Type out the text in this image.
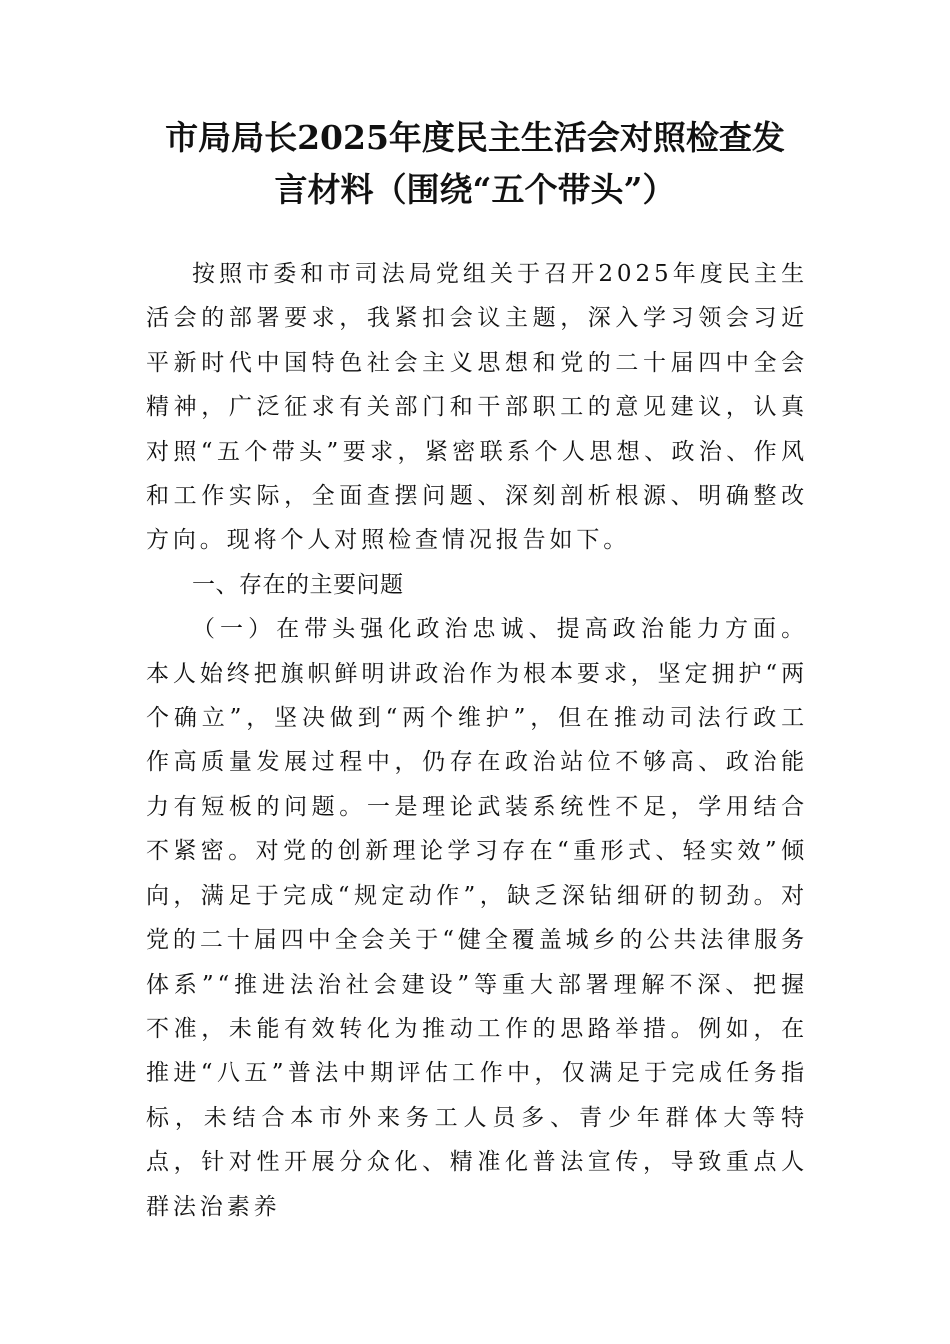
市局局长2025年度民主生活会对照检查发
言材料（围绕“五个带头”）

按照市委和市司法局党组关于召开2025年度民主生活会的部署要求，我紧扣会议主题，深入学习领会习近平新时代中国特色社会主义思想和党的二十届四中全会精神，广泛征求有关部门和干部职工的意见建议，认真对照“五个带头”要求，紧密联系个人思想、政治、作风和工作实际，全面查摆问题、深刻剖析根源、明确整改方向。现将个人对照检查情况报告如下。

一、存在的主要问题

（一）在带头强化政治忠诚、提高政治能力方面。本人始终把旗帜鲜明讲政治作为根本要求，坚定拥护“两个确立”，坚决做到“两个维护”，但在推动司法行政工作高质量发展过程中，仍存在政治站位不够高、政治能力有短板的问题。一是理论武装系统性不足，学用结合不紧密。对党的创新理论学习存在“重形式、轻实效”倾向，满足于完成“规定动作”，缺乏深钻细研的韧劲。对党的二十届四中全会关于“健全覆盖城乡的公共法律服务体系”“推进法治社会建设”等重大部署理解不深、把握不准，未能有效转化为推动工作的思路举措。例如，在推进“八五”普法中期评估工作中，仅满足于完成任务指标，未结合本市外来务工人员多、青少年群体大等特点，针对性开展分众化、精准化普法宣传，导致重点人群法治素养
